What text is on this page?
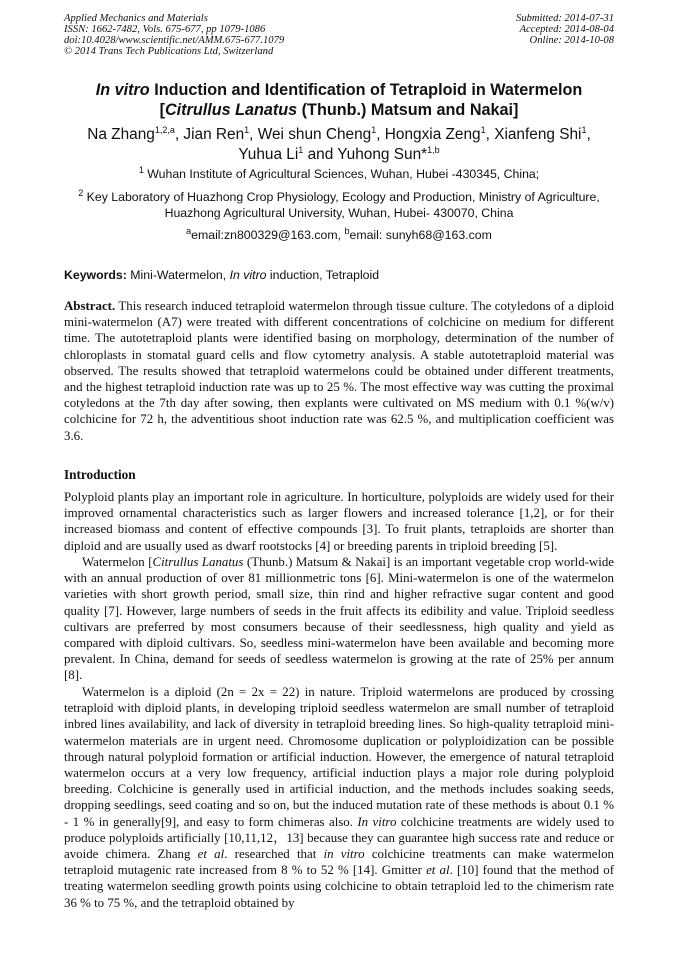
Applied Mechanics and Materials
ISSN: 1662-7482, Vols. 675-677, pp 1079-1086
doi:10.4028/www.scientific.net/AMM.675-677.1079
© 2014 Trans Tech Publications Ltd, Switzerland
Submitted: 2014-07-31
Accepted: 2014-08-04
Online: 2014-10-08
In vitro Induction and Identification of Tetraploid in Watermelon
[Citrullus Lanatus (Thunb.) Matsum and Nakai]
Na Zhang$^{1,2,a}$, Jian Ren$^1$, Wei shun Cheng$^1$, Hongxia Zeng$^1$, Xianfeng Shi$^1$,
Yuhua Li$^1$ and Yuhong Sun*$^{1,b}$
$^1$ Wuhan Institute of Agricultural Sciences, Wuhan, Hubei -430345, China;
$^2$ Key Laboratory of Huazhong Crop Physiology, Ecology and Production, Ministry of Agriculture,
Huazhong Agricultural University, Wuhan, Hubei- 430070, China
$^a$email:zn800329@163.com, $^b$email: sunyh68@163.com
Keywords: Mini-Watermelon, In vitro induction, Tetraploid
Abstract. This research induced tetraploid watermelon through tissue culture. The cotyledons of a diploid mini-watermelon (A7) were treated with different concentrations of colchicine on medium for different time. The autotetraploid plants were identified basing on morphology, determination of the number of chloroplasts in stomatal guard cells and flow cytometry analysis. A stable autotetraploid material was observed. The results showed that tetraploid watermelons could be obtained under different treatments, and the highest tetraploid induction rate was up to 25 %. The most effective way was cutting the proximal cotyledons at the 7th day after sowing, then explants were cultivated on MS medium with 0.1 %(w/v) colchicine for 72 h, the adventitious shoot induction rate was 62.5 %, and multiplication coefficient was 3.6.
Introduction
Polyploid plants play an important role in agriculture. In horticulture, polyploids are widely used for their improved ornamental characteristics such as larger flowers and increased tolerance [1,2], or for their increased biomass and content of effective compounds [3]. To fruit plants, tetraploids are shorter than diploid and are usually used as dwarf rootstocks [4] or breeding parents in triploid breeding [5].
Watermelon [Citrullus Lanatus (Thunb.) Matsum & Nakai] is an important vegetable crop world-wide with an annual production of over 81 millionmetric tons [6]. Mini-watermelon is one of the watermelon varieties with short growth period, small size, thin rind and higher refractive sugar content and good quality [7]. However, large numbers of seeds in the fruit affects its edibility and value. Triploid seedless cultivars are preferred by most consumers because of their seedlessness, high quality and yield as compared with diploid cultivars. So, seedless mini-watermelon have been available and becoming more prevalent. In China, demand for seeds of seedless watermelon is growing at the rate of 25% per annum [8].
Watermelon is a diploid (2n = 2x = 22) in nature. Triploid watermelons are produced by crossing tetraploid with diploid plants, in developing triploid seedless watermelon are small number of tetraploid inbred lines availability, and lack of diversity in tetraploid breeding lines. So high-quality tetraploid mini-watermelon materials are in urgent need. Chromosome duplication or polyploidization can be possible through natural polyploid formation or artificial induction. However, the emergence of natural tetraploid watermelon occurs at a very low frequency, artificial induction plays a major role during polyploid breeding. Colchicine is generally used in artificial induction, and the methods includes soaking seeds, dropping seedlings, seed coating and so on, but the induced mutation rate of these methods is about 0.1 % - 1 % in generally[9], and easy to form chimeras also. In vitro colchicine treatments are widely used to produce polyploids artificially [10,11,12，13] because they can guarantee high success rate and reduce or avoide chimera. Zhang et al. researched that in vitro colchicine treatments can make watermelon tetraploid mutagenic rate increased from 8 % to 52 % [14]. Gmitter et al. [10] found that the method of treating watermelon seedling growth points using colchicine to obtain tetraploid led to the chimerism rate 36 % to 75 %, and the tetraploid obtained by
